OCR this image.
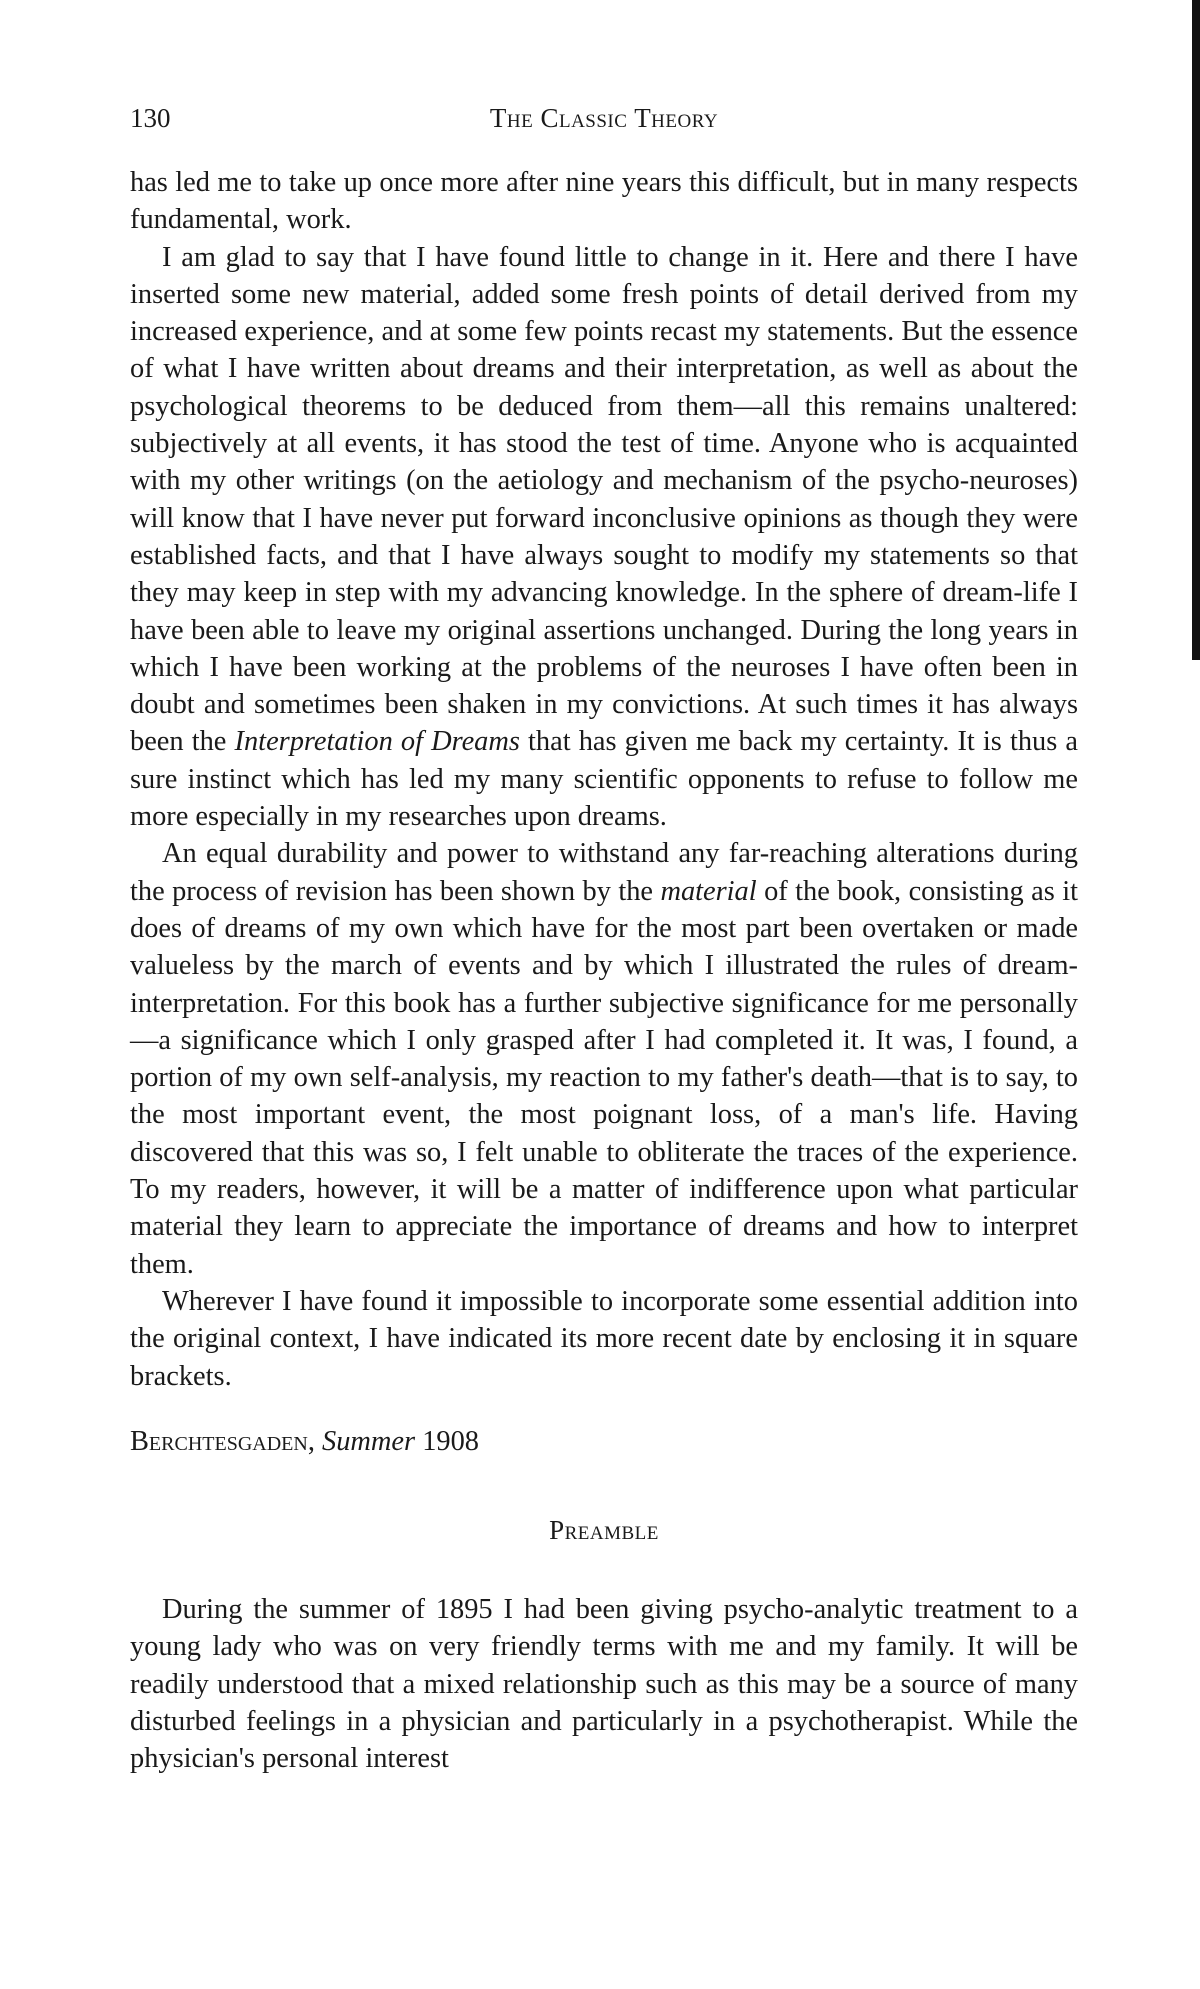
130	The Classic Theory

has led me to take up once more after nine years this difficult, but in many respects fundamental, work.

I am glad to say that I have found little to change in it. Here and there I have inserted some new material, added some fresh points of detail derived from my increased experience, and at some few points recast my statements. But the essence of what I have written about dreams and their interpretation, as well as about the psychological theorems to be deduced from them—all this remains unaltered: subjectively at all events, it has stood the test of time. Anyone who is acquainted with my other writings (on the aetiology and mechanism of the psycho-neuroses) will know that I have never put forward inconclusive opinions as though they were established facts, and that I have always sought to modify my statements so that they may keep in step with my advancing knowledge. In the sphere of dream-life I have been able to leave my original assertions unchanged. During the long years in which I have been working at the problems of the neuroses I have often been in doubt and sometimes been shaken in my convictions. At such times it has always been the Interpretation of Dreams that has given me back my certainty. It is thus a sure instinct which has led my many scientific opponents to refuse to follow me more especially in my researches upon dreams.

An equal durability and power to withstand any far-reaching alterations during the process of revision has been shown by the material of the book, consisting as it does of dreams of my own which have for the most part been overtaken or made valueless by the march of events and by which I illustrated the rules of dream-interpretation. For this book has a further subjective significance for me personally—a significance which I only grasped after I had completed it. It was, I found, a portion of my own self-analysis, my reaction to my father's death—that is to say, to the most important event, the most poignant loss, of a man's life. Having discovered that this was so, I felt unable to obliterate the traces of the experience. To my readers, however, it will be a matter of indifference upon what particular material they learn to appreciate the importance of dreams and how to interpret them.

Wherever I have found it impossible to incorporate some essential addition into the original context, I have indicated its more recent date by enclosing it in square brackets.

Berchtesgaden, Summer 1908
Preamble

During the summer of 1895 I had been giving psycho-analytic treatment to a young lady who was on very friendly terms with me and my family. It will be readily understood that a mixed relationship such as this may be a source of many disturbed feelings in a physician and particularly in a psychotherapist. While the physician's personal interest
